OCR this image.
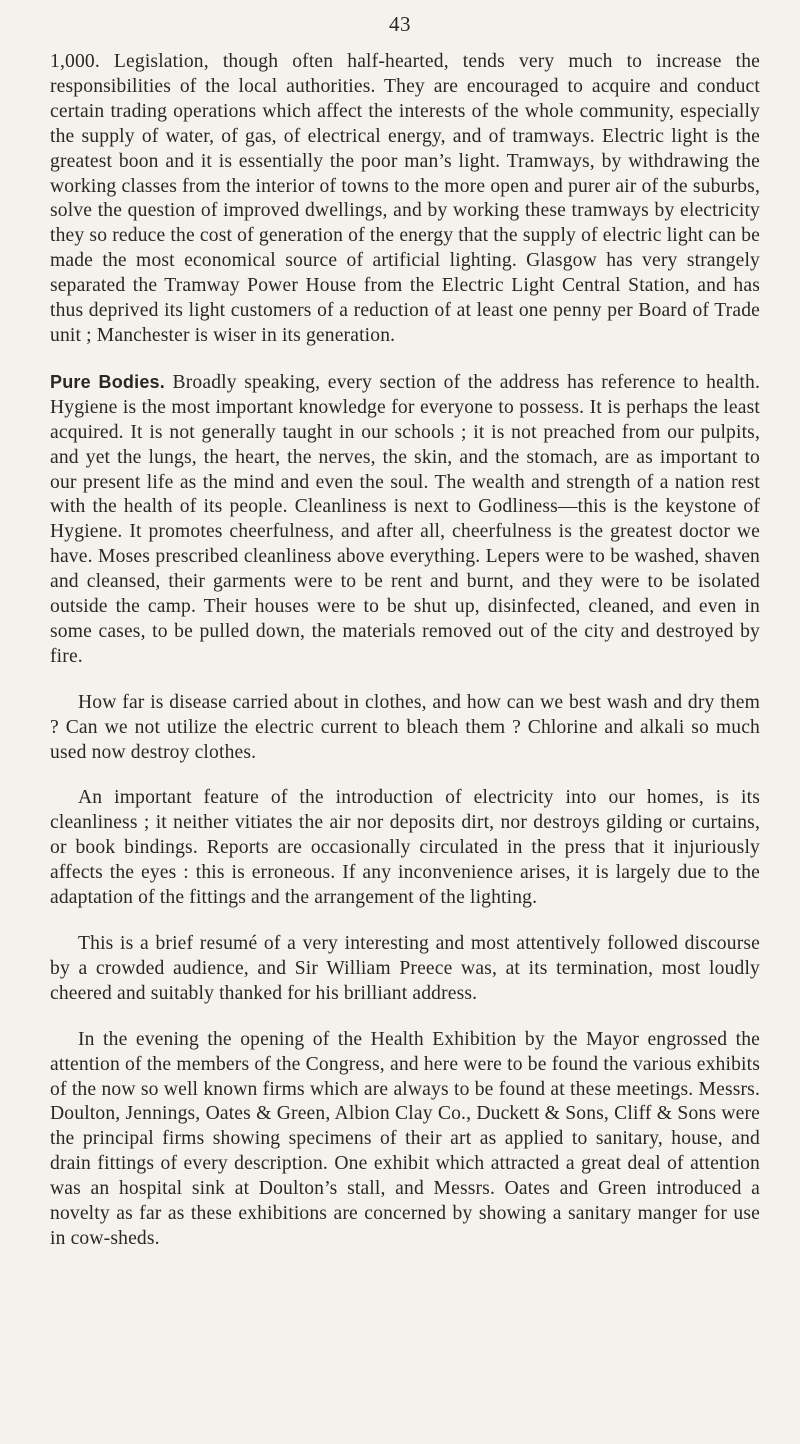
43

1,000. Legislation, though often half-hearted, tends very much to increase the responsibilities of the local authorities. They are encouraged to acquire and conduct certain trading operations which affect the interests of the whole community, especially the supply of water, of gas, of electrical energy, and of tramways. Electric light is the greatest boon and it is essentially the poor man’s light. Tramways, by withdrawing the working classes from the interior of towns to the more open and purer air of the suburbs, solve the question of improved dwellings, and by working these tramways by electricity they so reduce the cost of generation of the energy that the supply of electric light can be made the most economical source of artificial lighting. Glasgow has very strangely separated the Tramway Power House from the Electric Light Central Station, and has thus deprived its light customers of a reduction of at least one penny per Board of Trade unit ; Manchester is wiser in its generation.

Pure Bodies. Broadly speaking, every section of the address has reference to health. Hygiene is the most important knowledge for everyone to possess. It is perhaps the least acquired. It is not generally taught in our schools ; it is not preached from our pulpits, and yet the lungs, the heart, the nerves, the skin, and the stomach, are as important to our present life as the mind and even the soul. The wealth and strength of a nation rest with the health of its people. Cleanliness is next to Godliness—this is the keystone of Hygiene. It promotes cheerfulness, and after all, cheerfulness is the greatest doctor we have. Moses prescribed cleanliness above everything. Lepers were to be washed, shaven and cleansed, their garments were to be rent and burnt, and they were to be isolated outside the camp. Their houses were to be shut up, disinfected, cleaned, and even in some cases, to be pulled down, the materials removed out of the city and destroyed by fire.

How far is disease carried about in clothes, and how can we best wash and dry them ? Can we not utilize the electric current to bleach them ? Chlorine and alkali so much used now destroy clothes.

An important feature of the introduction of electricity into our homes, is its cleanliness ; it neither vitiates the air nor deposits dirt, nor destroys gilding or curtains, or book bindings. Reports are occasionally circulated in the press that it injuriously affects the eyes : this is erroneous. If any inconvenience arises, it is largely due to the adaptation of the fittings and the arrangement of the lighting.

This is a brief resumé of a very interesting and most attentively followed discourse by a crowded audience, and Sir William Preece was, at its termination, most loudly cheered and suitably thanked for his brilliant address.

In the evening the opening of the Health Exhibition by the Mayor engrossed the attention of the members of the Congress, and here were to be found the various exhibits of the now so well known firms which are always to be found at these meetings. Messrs. Doulton, Jennings, Oates & Green, Albion Clay Co., Duckett & Sons, Cliff & Sons were the principal firms showing specimens of their art as applied to sanitary, house, and drain fittings of every description. One exhibit which attracted a great deal of attention was an hospital sink at Doulton’s stall, and Messrs. Oates and Green introduced a novelty as far as these exhibitions are concerned by showing a sanitary manger for use in cow-sheds.
